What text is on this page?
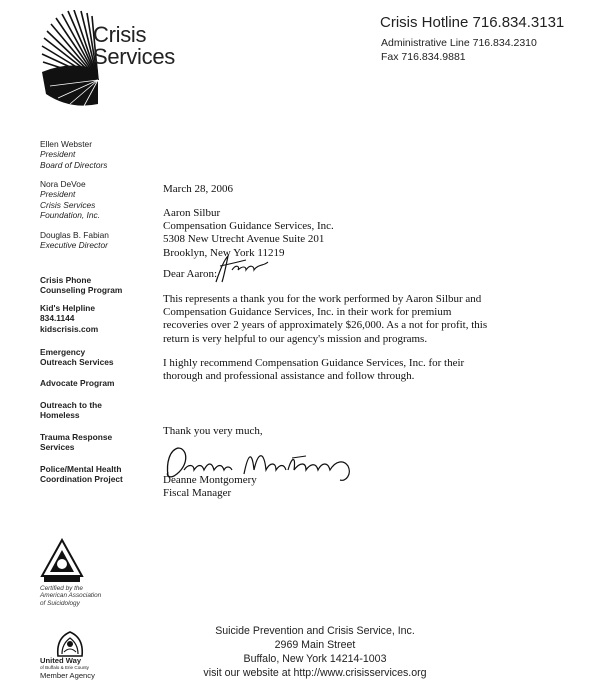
Crisis
Services
Crisis Hotline 716.834.3131
Administrative Line 716.834.2310
Fax 716.834.9881
Ellen Webster
President
Board of Directors
Nora DeVoe
President
Crisis Services
Foundation, Inc.
Douglas B. Fabian
Executive Director
Crisis Phone
Counseling Program
Kid's Helpline
834.1144
kidscrisis.com
Emergency
Outreach Services
Advocate Program
Outreach to the
Homeless
Trauma Response
Services
Police/Mental Health
Coordination Project
Certified by the
American Association
of Suicidology
United Way
of Buffalo & Erie County
Member Agency
March 28, 2006
Aaron Silbur
Compensation Guidance Services, Inc.
5308 New Utrecht Avenue Suite 201
Brooklyn, New York 11219
Dear Aaron:
This represents a thank you for the work performed by Aaron Silbur and
Compensation Guidance Services, Inc. in their work for premium
recoveries over 2 years of approximately $26,000. As a not for profit, this
return is very helpful to our agency's mission and programs.
I highly recommend Compensation Guidance Services, Inc. for their
thorough and professional assistance and follow through.
Thank you very much,
Deanne Montgomery
Fiscal Manager
Suicide Prevention and Crisis Service, Inc.
2969 Main Street
Buffalo, New York 14214-1003
visit our website at http://www.crisisservices.org
